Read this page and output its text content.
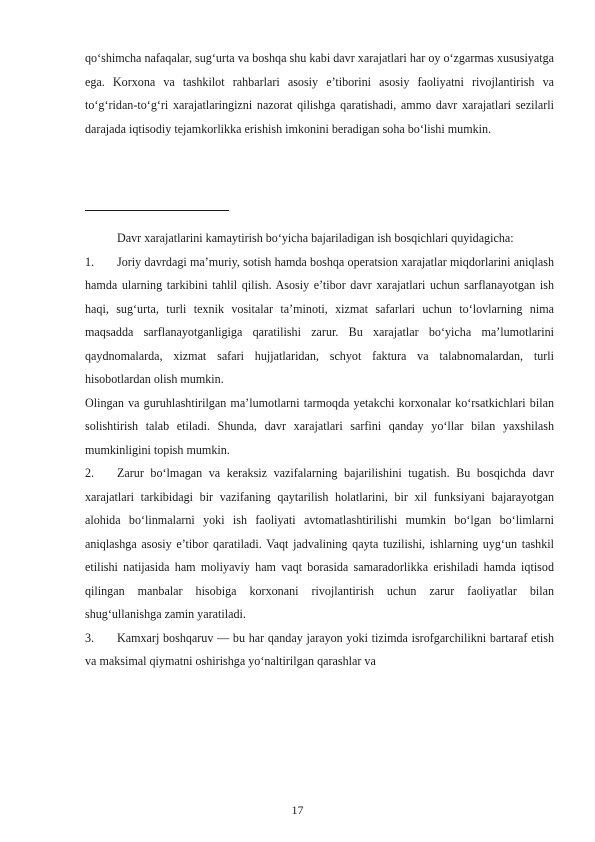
qo‘shimcha nafaqalar, sug‘urta va boshqa shu kabi davr xarajatlari har oy o‘zgarmas xususiyatga ega. Korxona va tashkilot rahbarlari asosiy e’tiborini asosiy faoliyatni rivojlantirish va to‘g‘ridan-to‘g‘ri xarajatlaringizni nazorat qilishga qaratishadi, ammo davr xarajatlari sezilarli darajada iqtisodiy tejamkorlikka erishish imkonini beradigan soha bo‘lishi mumkin.

Davr xarajatlarini kamaytirish bo‘yicha bajariladigan ish bosqichlari quyidagicha:

1. Joriy davrdagi ma’muriy, sotish hamda boshqa operatsion xarajatlar miqdorlarini aniqlash hamda ularning tarkibini tahlil qilish. Asosiy e’tibor davr xarajatlari uchun sarflanayotgan ish haqi, sug‘urta, turli texnik vositalar ta’minoti, xizmat safarlari uchun to‘lovlarning nima maqsadda sarflanayotganligiga qaratilishi zarur. Bu xarajatlar bo‘yicha ma’lumotlarini qaydnomalarda, xizmat safari hujjatlaridan, schyot faktura va talabnomalardan, turli hisobotlardan olish mumkin.

Olingan va guruhlashtirilgan ma’lumotlarni tarmoqda yetakchi korxonalar ko‘rsatkichlari bilan solishtirish talab etiladi. Shunda, davr xarajatlari sarfini qanday yo‘llar bilan yaxshilash mumkinligini topish mumkin.

2. Zarur bo‘lmagan va keraksiz vazifalarning bajarilishini tugatish. Bu bosqichda davr xarajatlari tarkibidagi bir vazifaning qaytarilish holatlarini, bir xil funksiyani bajarayotgan alohida bo‘linmalarni yoki ish faoliyati avtomatlashtirilishi mumkin bo‘lgan bo‘limlarni aniqlashga asosiy e’tibor qaratiladi. Vaqt jadvalining qayta tuzilishi, ishlarning uyg‘un tashkil etilishi natijasida ham moliyaviy ham vaqt borasida samaradorlikka erishiladi hamda iqtisod qilingan manbalar hisobiga korxonani rivojlantirish uchun zarur faoliyatlar bilan shug‘ullanishga zamin yaratiladi.

3. Kamxarj boshqaruv — bu har qanday jarayon yoki tizimda isrofgarchilikni bartaraf etish va maksimal qiymatni oshirishga yo‘naltirilgan qarashlar va

17
